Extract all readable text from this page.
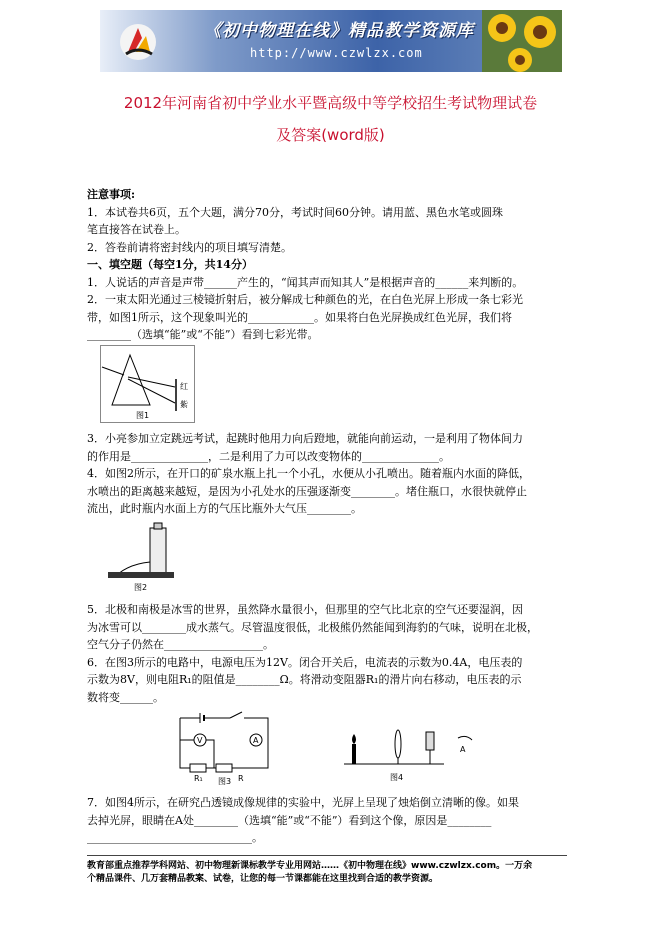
《初中物理在线》精品教学资源库
http://www.czwlzx.com
2012年河南省初中学业水平暨高级中等学校招生考试物理试卷
及答案(word版)

注意事项:

1．本试卷共6页，五个大题，满分70分，考试时间60分钟。请用蓝、黑色水笔或圆珠

笔直接答在试卷上。

2．答卷前请将密封线内的项目填写清楚。

一、填空题（每空1分，共14分）

1．人说话的声音是声带______产生的，“闻其声而知其人”是根据声音的______来判断的。

2．一束太阳光通过三棱镜折射后，被分解成七种颜色的光，在白色光屏上形成一条七彩光

带，如图1所示，这个现象叫光的____________。如果将白色光屏换成红色光屏，我们将

________（选填“能”或“不能”）看到七彩光带。

红
紫
图1

3．小亮参加立定跳远考试，起跳时他用力向后蹬地，就能向前运动，一是利用了物体间力

的作用是______________，二是利用了力可以改变物体的______________。

4．如图2所示，在开口的矿泉水瓶上扎一个小孔，水便从小孔喷出。随着瓶内水面的降低，

水喷出的距离越来越短，是因为小孔处水的压强逐渐变________。堵住瓶口，水很快就停止

流出，此时瓶内水面上方的气压比瓶外大气压________。

图2

5．北极和南极是冰雪的世界，虽然降水量很小，但那里的空气比北京的空气还要湿润，因

为冰雪可以________成水蒸气。尽管温度很低，北极熊仍然能闻到海豹的气味，说明在北极，

空气分子仍然在__________________。

6．在图3所示的电路中，电源电压为12V。闭合开关后，电流表的示数为0.4A，电压表的

示数为8V，则电阻R₁的阻值是________Ω。将滑动变阻器R₁的滑片向右移动，电压表的示

数将变______。

V	A
R₁	R
图3
A
图4

7．如图4所示，在研究凸透镜成像规律的实验中，光屏上呈现了烛焰倒立清晰的像。如果

去掉光屏，眼睛在A处________（选填“能”或“不能”）看到这个像，原因是________

______________________________。

教育部重点推荐学科网站、初中物理新课标教学专业用网站……《初中物理在线》www.czwlzx.com。一万余
个精品课件、几万套精品教案、试卷，让您的每一节课都能在这里找到合适的教学资源。
